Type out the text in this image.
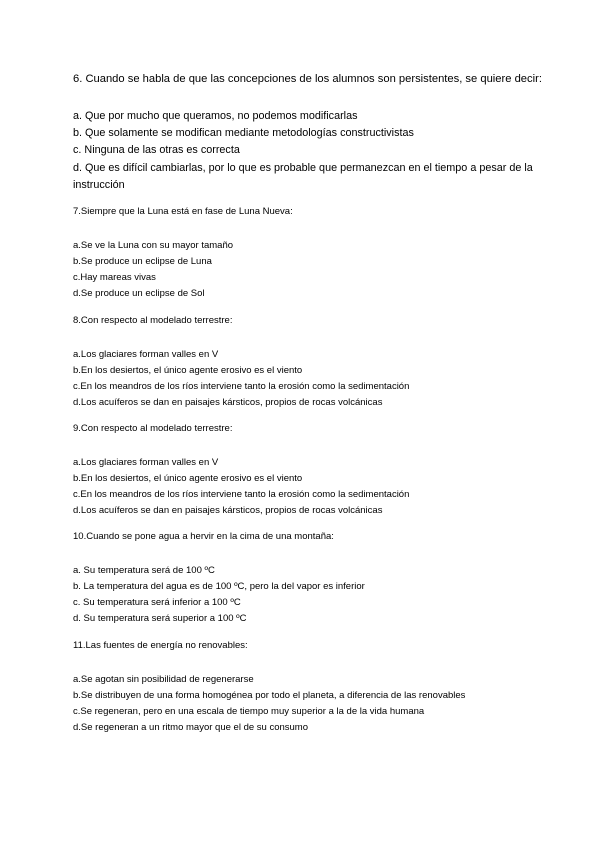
6. Cuando se habla de que las concepciones de los alumnos son persistentes, se quiere decir:

a. Que por mucho que queramos, no podemos modificarlas
b. Que solamente se modifican mediante metodologías constructivistas
c. Ninguna de las otras es correcta
d. Que es difícil cambiarlas, por lo que es probable que permanezcan en el tiempo a pesar de la instrucción

7.Siempre que la Luna está en fase de Luna Nueva:

a.Se ve la Luna con su mayor tamaño
b.Se produce un eclipse de Luna
c.Hay mareas vivas
d.Se produce un eclipse de Sol

8.Con respecto al modelado terrestre:

a.Los glaciares forman valles en V
b.En los desiertos, el único agente erosivo es el viento
c.En los meandros de los ríos interviene tanto la erosión como la sedimentación
d.Los acuíferos se dan en paisajes kársticos, propios de rocas volcánicas

9.Con respecto al modelado terrestre:

a.Los glaciares forman valles en V
b.En los desiertos, el único agente erosivo es el viento
c.En los meandros de los ríos interviene tanto la erosión como la sedimentación
d.Los acuíferos se dan en paisajes kársticos, propios de rocas volcánicas

10.Cuando se pone agua a hervir en la cima de una montaña:

a. Su temperatura será de 100 ºC
b. La temperatura del agua es de 100 ºC, pero la del vapor es inferior
c. Su temperatura será inferior a 100 ºC
d. Su temperatura será superior a 100 ºC

11.Las fuentes de energía no renovables:

a.Se agotan sin posibilidad de regenerarse
b.Se distribuyen de una forma homogénea por todo el planeta, a diferencia de las renovables
c.Se regeneran, pero en una escala de tiempo muy superior a la de la vida humana
d.Se regeneran a un ritmo mayor que el de su consumo
